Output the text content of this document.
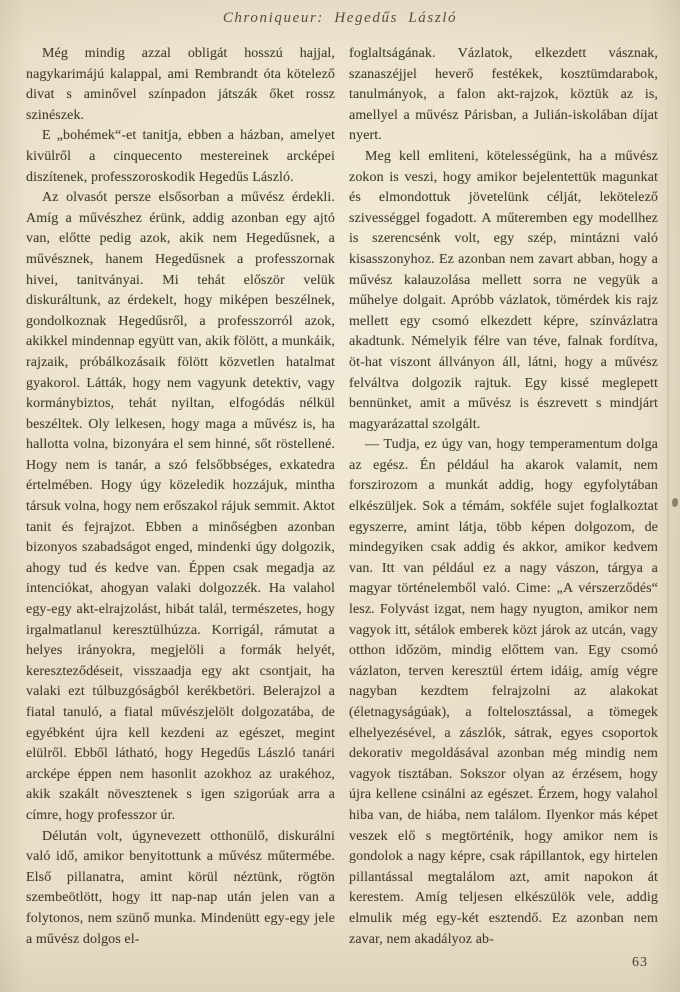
Chroniqueur: Hegedűs László

Még mindig azzal obligát hosszú hajjal, nagykarimájú kalappal, ami Rembrandt óta kötelező divat s aminővel színpadon játszák őket rossz szinészek.

E „bohémek“-et tanitja, ebben a házban, amelyet kivülről a cinquecento mestereinek arcképei diszítenek, professzoroskodik Hegedűs László.

Az olvasót persze elsősorban a művész érdekli. Amíg a művészhez érünk, addig azonban egy ajtó van, előtte pedig azok, akik nem Hegedűsnek, a művésznek, hanem Hegedűsnek a professzornak hivei, tanitványai. Mi tehát először velük diskuráltunk, az érdekelt, hogy miképen beszélnek, gondolkoznak Hegedűsről, a professzorról azok, akikkel mindennap együtt van, akik fölött, a munkáik, rajzaik, próbálkozásaik fölött közvetlen hatalmat gyakorol. Látták, hogy nem vagyunk detektiv, vagy kormánybiztos, tehát nyiltan, elfogódás nélkül beszéltek. Oly lelkesen, hogy maga a művész is, ha hallotta volna, bizonyára el sem hinné, sőt röstellené. Hogy nem is tanár, a szó felsőbbséges, exkatedra értelmében. Hogy úgy közeledik hozzájuk, mintha társuk volna, hogy nem erőszakol rájuk semmit. Aktot tanit és fejrajzot. Ebben a minőségben azonban bizonyos szabadságot enged, mindenki úgy dolgozik, ahogy tud és kedve van. Éppen csak megadja az intenciókat, ahogyan valaki dolgozzék. Ha valahol egy-egy akt-elrajzolást, hibát talál, természetes, hogy irgalmatlanul keresztülhúzza. Korrigál, rámutat a helyes irányokra, megjelöli a formák helyét, kereszteződéseit, visszaadja egy akt csontjait, ha valaki ezt túlbuzgóságból kerékbetöri. Belerajzol a fiatal tanuló, a fiatal művészjelölt dolgozatába, de egyébként újra kell kezdeni az egészet, megint elülről. Ebből látható, hogy Hegedűs László tanári arcképe éppen nem hasonlit azokhoz az urakéhoz, akik szakált növesztenek s igen szigorúak arra a címre, hogy professzor úr.

Délután volt, úgynevezett otthonülő, diskurálni való idő, amikor benyitottunk a művész műtermébe. Első pillanatra, amint körül néztünk, rögtön szembeötlött, hogy itt nap-nap után jelen van a folytonos, nem szünő munka. Mindenütt egy-egy jele a művész dolgos el-

foglaltságának. Vázlatok, elkezdett vásznak, szanaszéjjel heverő festékek, kosztümdarabok, tanulmányok, a falon akt-rajzok, köztük az is, amellyel a művész Párisban, a Julián-iskolában díjat nyert.

Meg kell emliteni, kötelességünk, ha a művész zokon is veszi, hogy amikor bejelentettük magunkat és elmondottuk jövetelünk célját, lekötelező szivességgel fogadott. A műteremben egy modellhez is szerencsénk volt, egy szép, mintázni való kisasszonyhoz. Ez azonban nem zavart abban, hogy a művész kalauzolása mellett sorra ne vegyük a műhelye dolgait. Apróbb vázlatok, tömérdek kis rajz mellett egy csomó elkezdett képre, színvázlatra akadtunk. Némelyik félre van téve, falnak fordítva, öt-hat viszont állványon áll, látni, hogy a művész felváltva dolgozik rajtuk. Egy kissé meglepett bennünket, amit a művész is észrevett s mindjárt magyarázattal szolgált.

— Tudja, ez úgy van, hogy temperamentum dolga az egész. Én például ha akarok valamit, nem forszirozom a munkát addig, hogy egyfolytában elkészüljek. Sok a témám, sokféle sujet foglalkoztat egyszerre, amint látja, több képen dolgozom, de mindegyiken csak addig és akkor, amikor kedvem van. Itt van például ez a nagy vászon, tárgya a magyar történelemből való. Cime: „A vérszerződés“ lesz. Folyvást izgat, nem hagy nyugton, amikor nem vagyok itt, sétálok emberek közt járok az utcán, vagy otthon időzöm, mindig előttem van. Egy csomó vázlaton, terven keresztül értem idáig, amíg végre nagyban kezdtem felrajzolni az alakokat (életnagyságúak), a foltelosztással, a tömegek elhelyezésével, a zászlók, sátrak, egyes csoportok dekorativ megoldásával azonban még mindig nem vagyok tisztában. Sokszor olyan az érzésem, hogy újra kellene csinálni az egészet. Érzem, hogy valahol hiba van, de hiába, nem találom. Ilyenkor más képet veszek elő s megtörténik, hogy amikor nem is gondolok a nagy képre, csak rápillantok, egy hirtelen pillantással megtalálom azt, amit napokon át kerestem. Amíg teljesen elkészülök vele, addig elmulik még egy-két esztendő. Ez azonban nem zavar, nem akadályoz ab-

63
